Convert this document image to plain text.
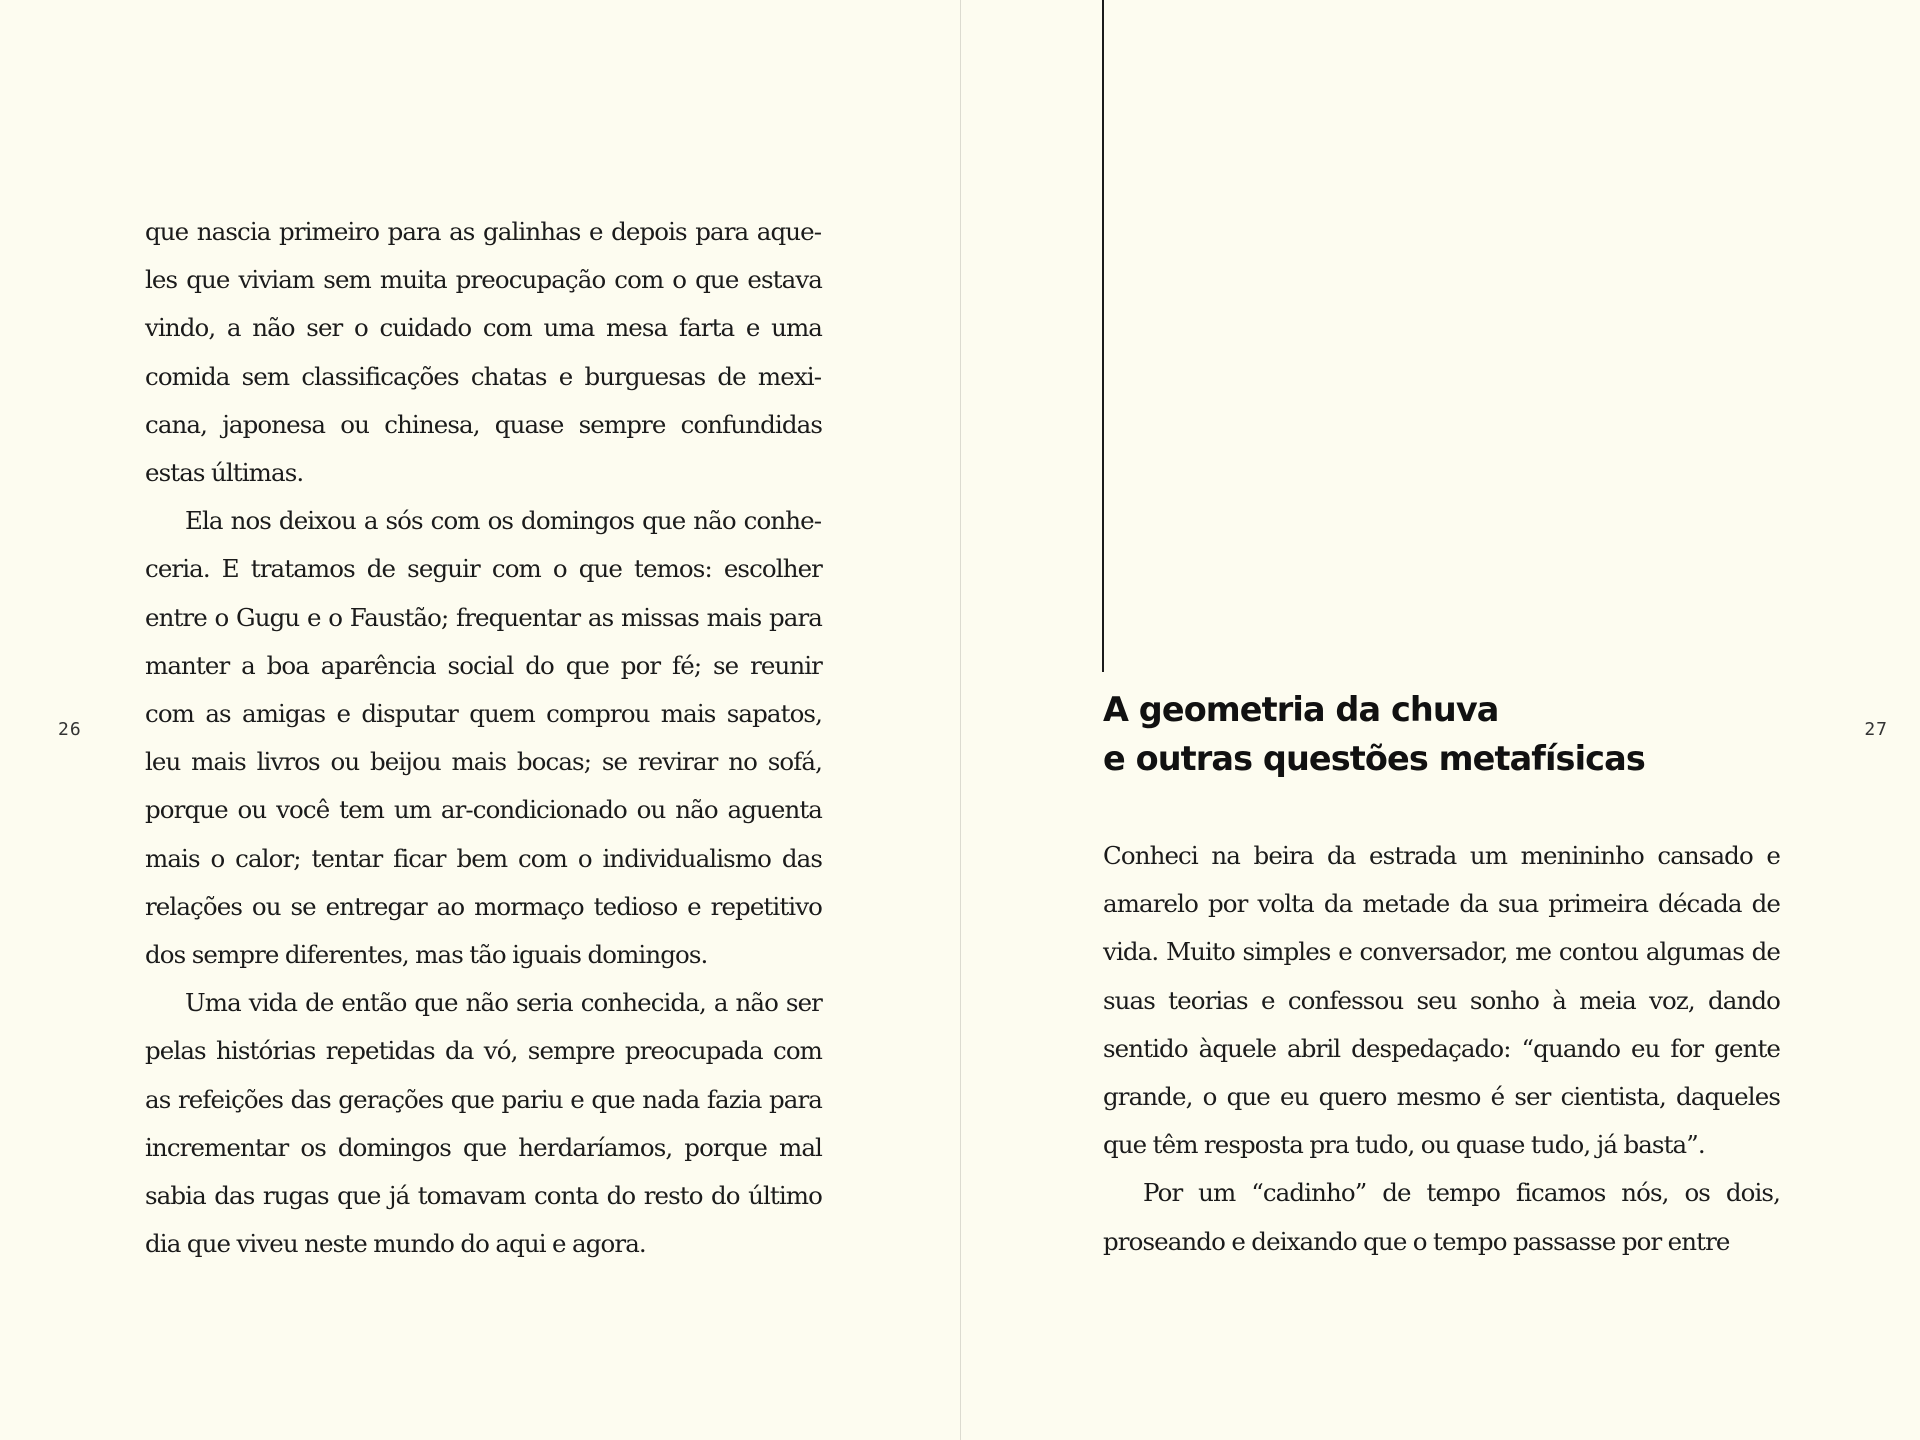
26

que nascia primeiro para as galinhas e depois para aqueles que viviam sem muita preocupação com o que estava vindo, a não ser o cuidado com uma mesa farta e uma comida sem classificações chatas e burguesas de mexicana, japonesa ou chinesa, quase sempre confundidas estas últimas.

Ela nos deixou a sós com os domingos que não conheceria. E tratamos de seguir com o que temos: escolher entre o Gugu e o Faustão; frequentar as missas mais para manter a boa aparência social do que por fé; se reunir com as amigas e disputar quem comprou mais sapatos, leu mais livros ou beijou mais bocas; se revirar no sofá, porque ou você tem um ar-condicionado ou não aguenta mais o calor; tentar ficar bem com o individualismo das relações ou se entregar ao mormaço tedioso e repetitivo dos sempre diferentes, mas tão iguais domingos.

Uma vida de então que não seria conhecida, a não ser pelas histórias repetidas da vó, sempre preocupada com as refeições das gerações que pariu e que nada fazia para incrementar os domingos que herdaríamos, porque mal sabia das rugas que já tomavam conta do resto do último dia que viveu neste mundo do aqui e agora.

A geometria da chuva
e outras questões metafísicas
27

Conheci na beira da estrada um menininho cansado e amarelo por volta da metade da sua primeira década de vida. Muito simples e conversador, me contou algumas de suas teorias e confessou seu sonho à meia voz, dando sentido àquele abril despedaçado: “quando eu for gente grande, o que eu quero mesmo é ser cientista, daqueles que têm resposta pra tudo, ou quase tudo, já basta”.

Por um “cadinho” de tempo ficamos nós, os dois, proseando e deixando que o tempo passasse por entre
